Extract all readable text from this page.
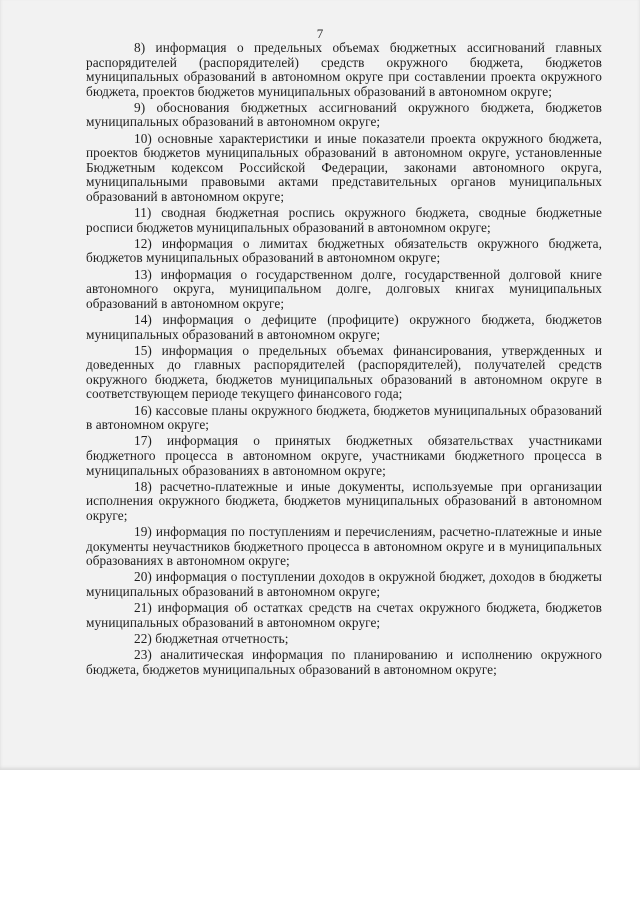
7

8) информация о предельных объемах бюджетных ассигнований главных распорядителей (распорядителей) средств окружного бюджета, бюджетов муниципальных образований в автономном округе при составлении проекта окружного бюджета, проектов бюджетов муниципальных образований в автономном округе;

9) обоснования бюджетных ассигнований окружного бюджета, бюджетов муниципальных образований в автономном округе;

10) основные характеристики и иные показатели проекта окружного бюджета, проектов бюджетов муниципальных образований в автономном округе, установленные Бюджетным кодексом Российской Федерации, законами автономного округа, муниципальными правовыми актами представительных органов муниципальных образований в автономном округе;

11) сводная бюджетная роспись окружного бюджета, сводные бюджетные росписи бюджетов муниципальных образований в автономном округе;

12) информация о лимитах бюджетных обязательств окружного бюджета, бюджетов муниципальных образований в автономном округе;

13) информация о государственном долге, государственной долговой книге автономного округа, муниципальном долге, долговых книгах муниципальных образований в автономном округе;

14) информация о дефиците (профиците) окружного бюджета, бюджетов муниципальных образований в автономном округе;

15) информация о предельных объемах финансирования, утвержденных и доведенных до главных распорядителей (распорядителей), получателей средств окружного бюджета, бюджетов муниципальных образований в автономном округе в соответствующем периоде текущего финансового года;

16) кассовые планы окружного бюджета, бюджетов муниципальных образований в автономном округе;

17) информация о принятых бюджетных обязательствах участниками бюджетного процесса в автономном округе, участниками бюджетного процесса в муниципальных образованиях в автономном округе;

18) расчетно-платежные и иные документы, используемые при организации исполнения окружного бюджета, бюджетов муниципальных образований в автономном округе;

19) информация по поступлениям и перечислениям, расчетно-платежные и иные документы неучастников бюджетного процесса в автономном округе и в муниципальных образованиях в автономном округе;

20) информация о поступлении доходов в окружной бюджет, доходов в бюджеты муниципальных образований в автономном округе;

21) информация об остатках средств на счетах окружного бюджета, бюджетов муниципальных образований в автономном округе;

22) бюджетная отчетность;

23) аналитическая информация по планированию и исполнению окружного бюджета, бюджетов муниципальных образований в автономном округе;
